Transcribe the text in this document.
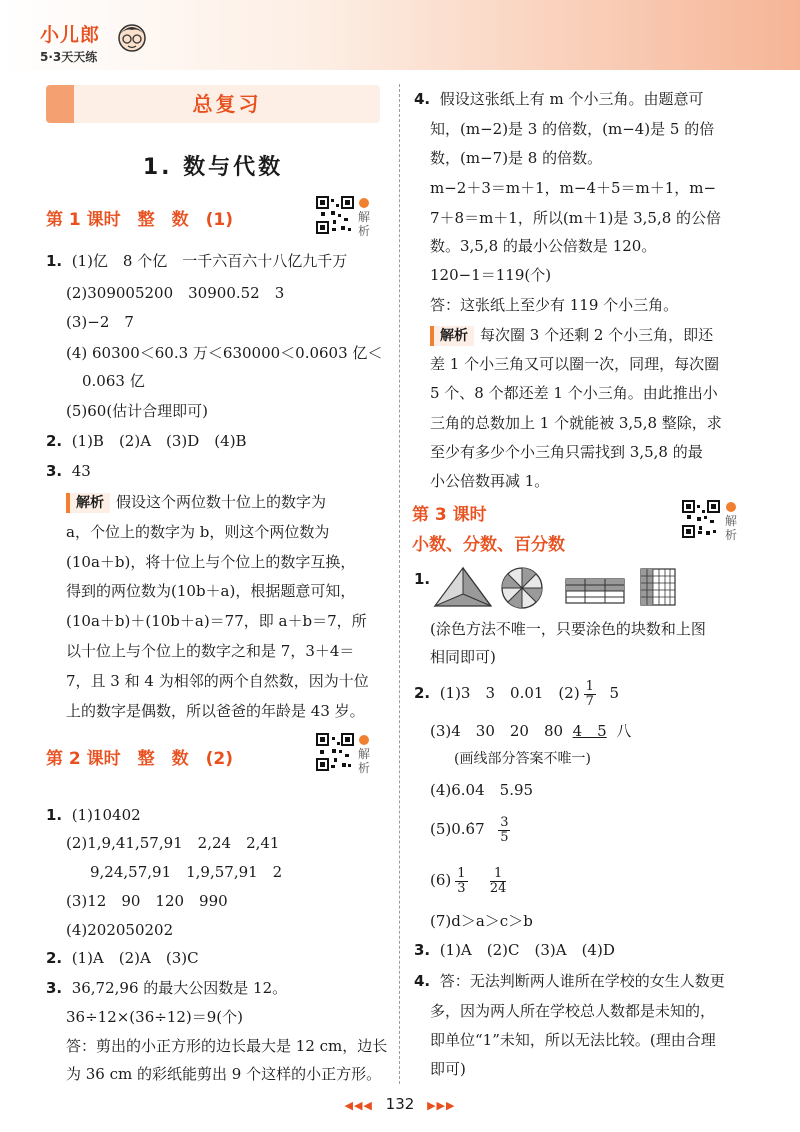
小儿郎
5·3天天练
总复习
1. 数与代数
第 1 课时　整　数　(1)	解析
1. (1)亿　8 个亿　一千六百六十八亿九千万
(2)309005200　30900.52　3
(3)−2　7
(4) 60300＜60.3 万＜630000＜0.0603 亿＜
0.063 亿
(5)60(估计合理即可)
2. (1)B　(2)A　(3)D　(4)B
3. 43
解析 假设这个两位数十位上的数字为
a，个位上的数字为 b，则这个两位数为
(10a＋b)，将十位上与个位上的数字互换，
得到的两位数为(10b＋a)，根据题意可知，
(10a＋b)＋(10b＋a)＝77，即 a＋b＝7，所
以十位上与个位上的数字之和是 7，3＋4＝
7，且 3 和 4 为相邻的两个自然数，因为十位
上的数字是偶数，所以爸爸的年龄是 43 岁。
第 2 课时　整　数　(2)	解析
1. (1)10402
(2)1,9,41,57,91　2,24　2,41
9,24,57,91　1,9,57,91　2
(3)12　90　120　990
(4)202050202
2. (1)A　(2)A　(3)C
3. 36,72,96 的最大公因数是 12。
36÷12×(36÷12)＝9(个)
答：剪出的小正方形的边长最大是 12 cm，边长
为 36 cm 的彩纸能剪出 9 个这样的小正方形。
4. 假设这张纸上有 m 个小三角。由题意可
知，(m−2)是 3 的倍数，(m−4)是 5 的倍
数，(m−7)是 8 的倍数。
m−2＋3＝m＋1，m−4＋5＝m＋1，m−
7＋8＝m＋1，所以(m＋1)是 3,5,8 的公倍
数。3,5,8 的最小公倍数是 120。
120−1＝119(个)
答：这张纸上至少有 119 个小三角。
解析 每次圈 3 个还剩 2 个小三角，即还
差 1 个小三角又可以圈一次，同理，每次圈
5 个、8 个都还差 1 个小三角。由此推出小
三角的总数加上 1 个就能被 3,5,8 整除，求
至少有多少个小三角只需找到 3,5,8 的最
小公倍数再减 1。
第 3 课时
小数、分数、百分数
解析
1.
(涂色方法不唯一，只要涂色的块数和上图
相同即可)
2. (1)3　3　0.01　$(2) \frac{1}{7} 5$
(3)4　30　20　80 4　5 八
(画线部分答案不唯一)
(4)6.04　5.95
(5)0.6̇7 $\frac{3}{5}$
$(6) \frac{1}{3}$
$\frac{1}{24}$
(7)d＞a＞c＞b
3. (1)A　(2)C　(3)A　(4)D
4. 答：无法判断两人谁所在学校的女生人数更
多，因为两人所在学校总人数都是未知的，
即单位“1”未知，所以无法比较。(理由合理
即可)
◀◀◀ 132 ▶▶▶
